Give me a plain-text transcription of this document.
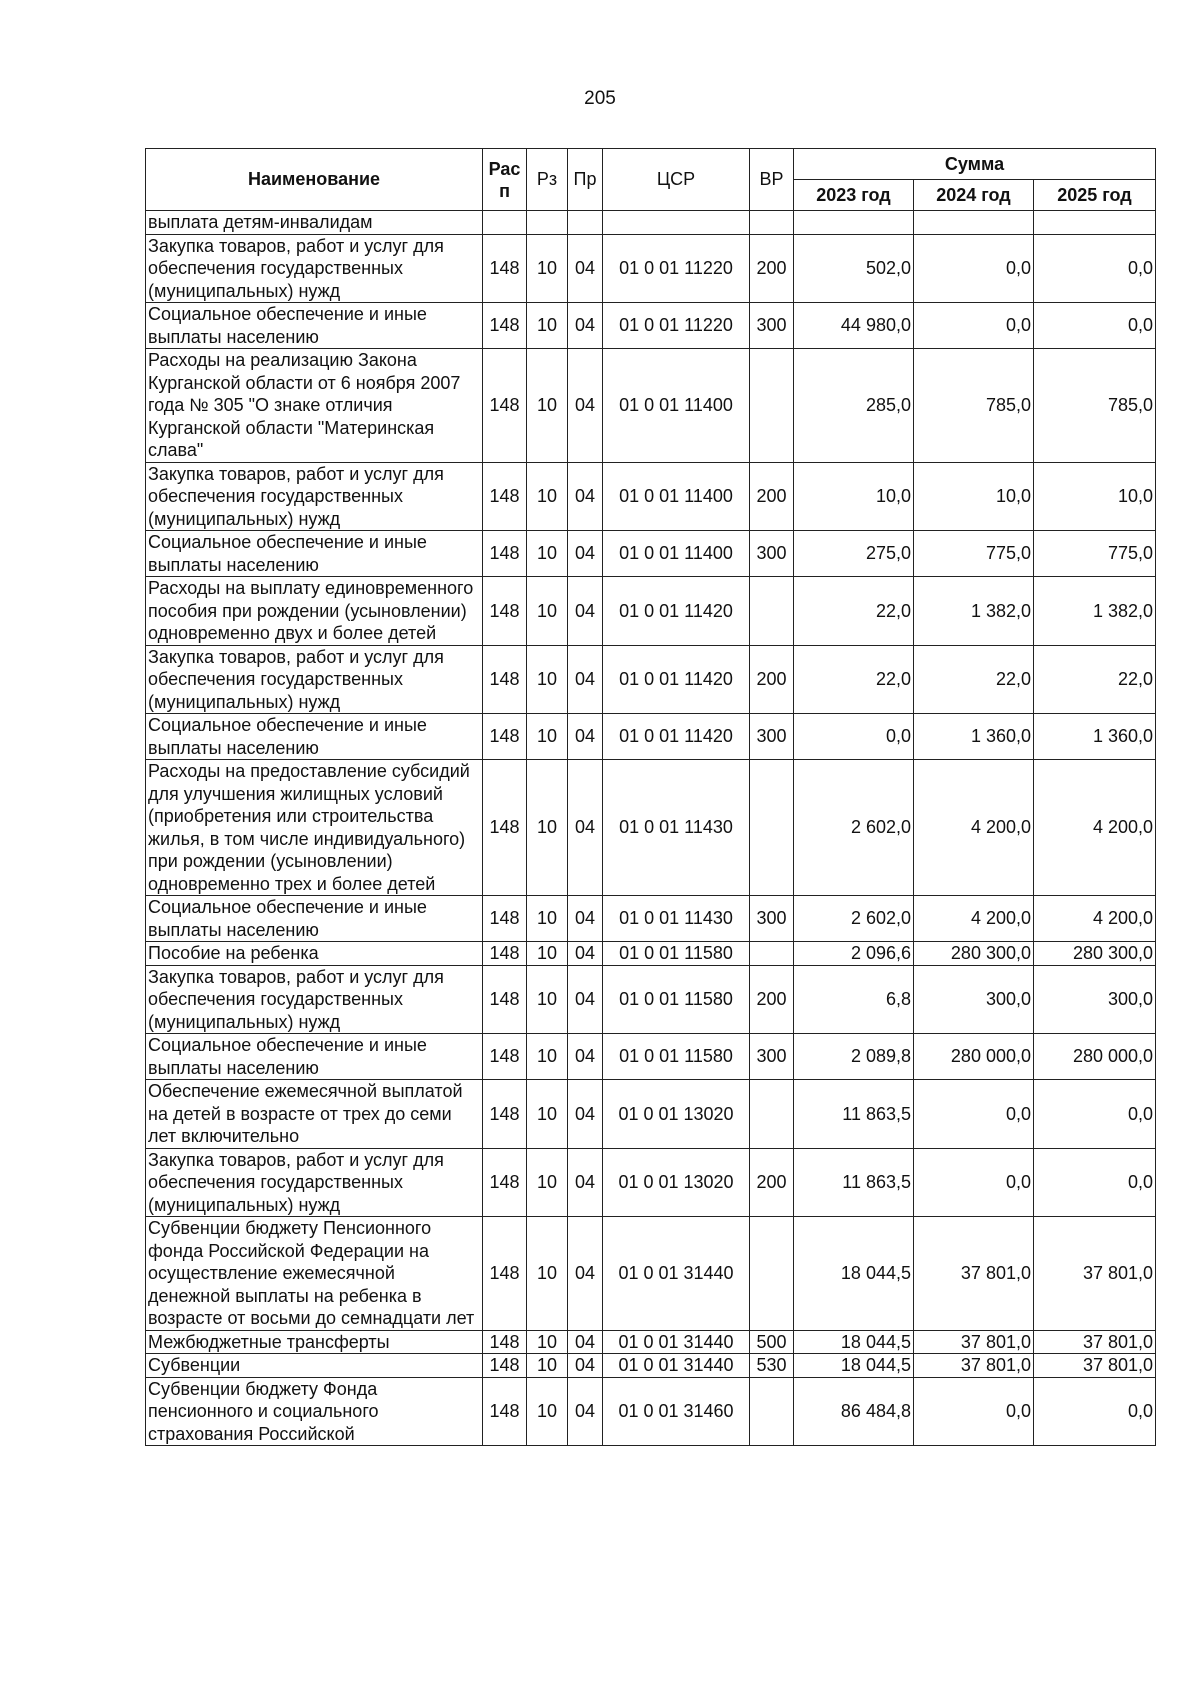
205
Наименование	Рас п	Рз	Пр	ЦСР	ВР	Сумма		
						2023 год	2024 год	2025 год
выплата детям-инвалидам								
Закупка товаров, работ и услуг для обеспечения государственных (муниципальных) нужд	148	10	04	01 0 01 11220	200	502,0	0,0	0,0
Социальное обеспечение и иные выплаты населению	148	10	04	01 0 01 11220	300	44 980,0	0,0	0,0
Расходы на реализацию Закона Курганской области от 6 ноября 2007 года № 305 "О знаке отличия Курганской области "Материнская слава"	148	10	04	01 0 01 11400		285,0	785,0	785,0
Закупка товаров, работ и услуг для обеспечения государственных (муниципальных) нужд	148	10	04	01 0 01 11400	200	10,0	10,0	10,0
Социальное обеспечение и иные выплаты населению	148	10	04	01 0 01 11400	300	275,0	775,0	775,0
Расходы на выплату единовременного пособия при рождении (усыновлении) одновременно двух и более детей	148	10	04	01 0 01 11420		22,0	1 382,0	1 382,0
Закупка товаров, работ и услуг для обеспечения государственных (муниципальных) нужд	148	10	04	01 0 01 11420	200	22,0	22,0	22,0
Социальное обеспечение и иные выплаты населению	148	10	04	01 0 01 11420	300	0,0	1 360,0	1 360,0
Расходы на предоставление субсидий для улучшения жилищных условий (приобретения или строительства жилья, в том числе индивидуального) при рождении (усыновлении) одновременно трех и более детей	148	10	04	01 0 01 11430		2 602,0	4 200,0	4 200,0
Социальное обеспечение и иные выплаты населению	148	10	04	01 0 01 11430	300	2 602,0	4 200,0	4 200,0
Пособие на ребенка	148	10	04	01 0 01 11580		2 096,6	280 300,0	280 300,0
Закупка товаров, работ и услуг для обеспечения государственных (муниципальных) нужд	148	10	04	01 0 01 11580	200	6,8	300,0	300,0
Социальное обеспечение и иные выплаты населению	148	10	04	01 0 01 11580	300	2 089,8	280 000,0	280 000,0
Обеспечение ежемесячной выплатой на детей в возрасте от трех до семи лет включительно	148	10	04	01 0 01 13020		11 863,5	0,0	0,0
Закупка товаров, работ и услуг для обеспечения государственных (муниципальных) нужд	148	10	04	01 0 01 13020	200	11 863,5	0,0	0,0
Субвенции бюджету Пенсионного фонда Российской Федерации на осуществление ежемесячной денежной выплаты на ребенка в возрасте от восьми до семнадцати лет	148	10	04	01 0 01 31440		18 044,5	37 801,0	37 801,0
Межбюджетные трансферты	148	10	04	01 0 01 31440	500	18 044,5	37 801,0	37 801,0
Субвенции	148	10	04	01 0 01 31440	530	18 044,5	37 801,0	37 801,0
Субвенции бюджету Фонда пенсионного и социального страхования Российской	148	10	04	01 0 01 31460		86 484,8	0,0	0,0
